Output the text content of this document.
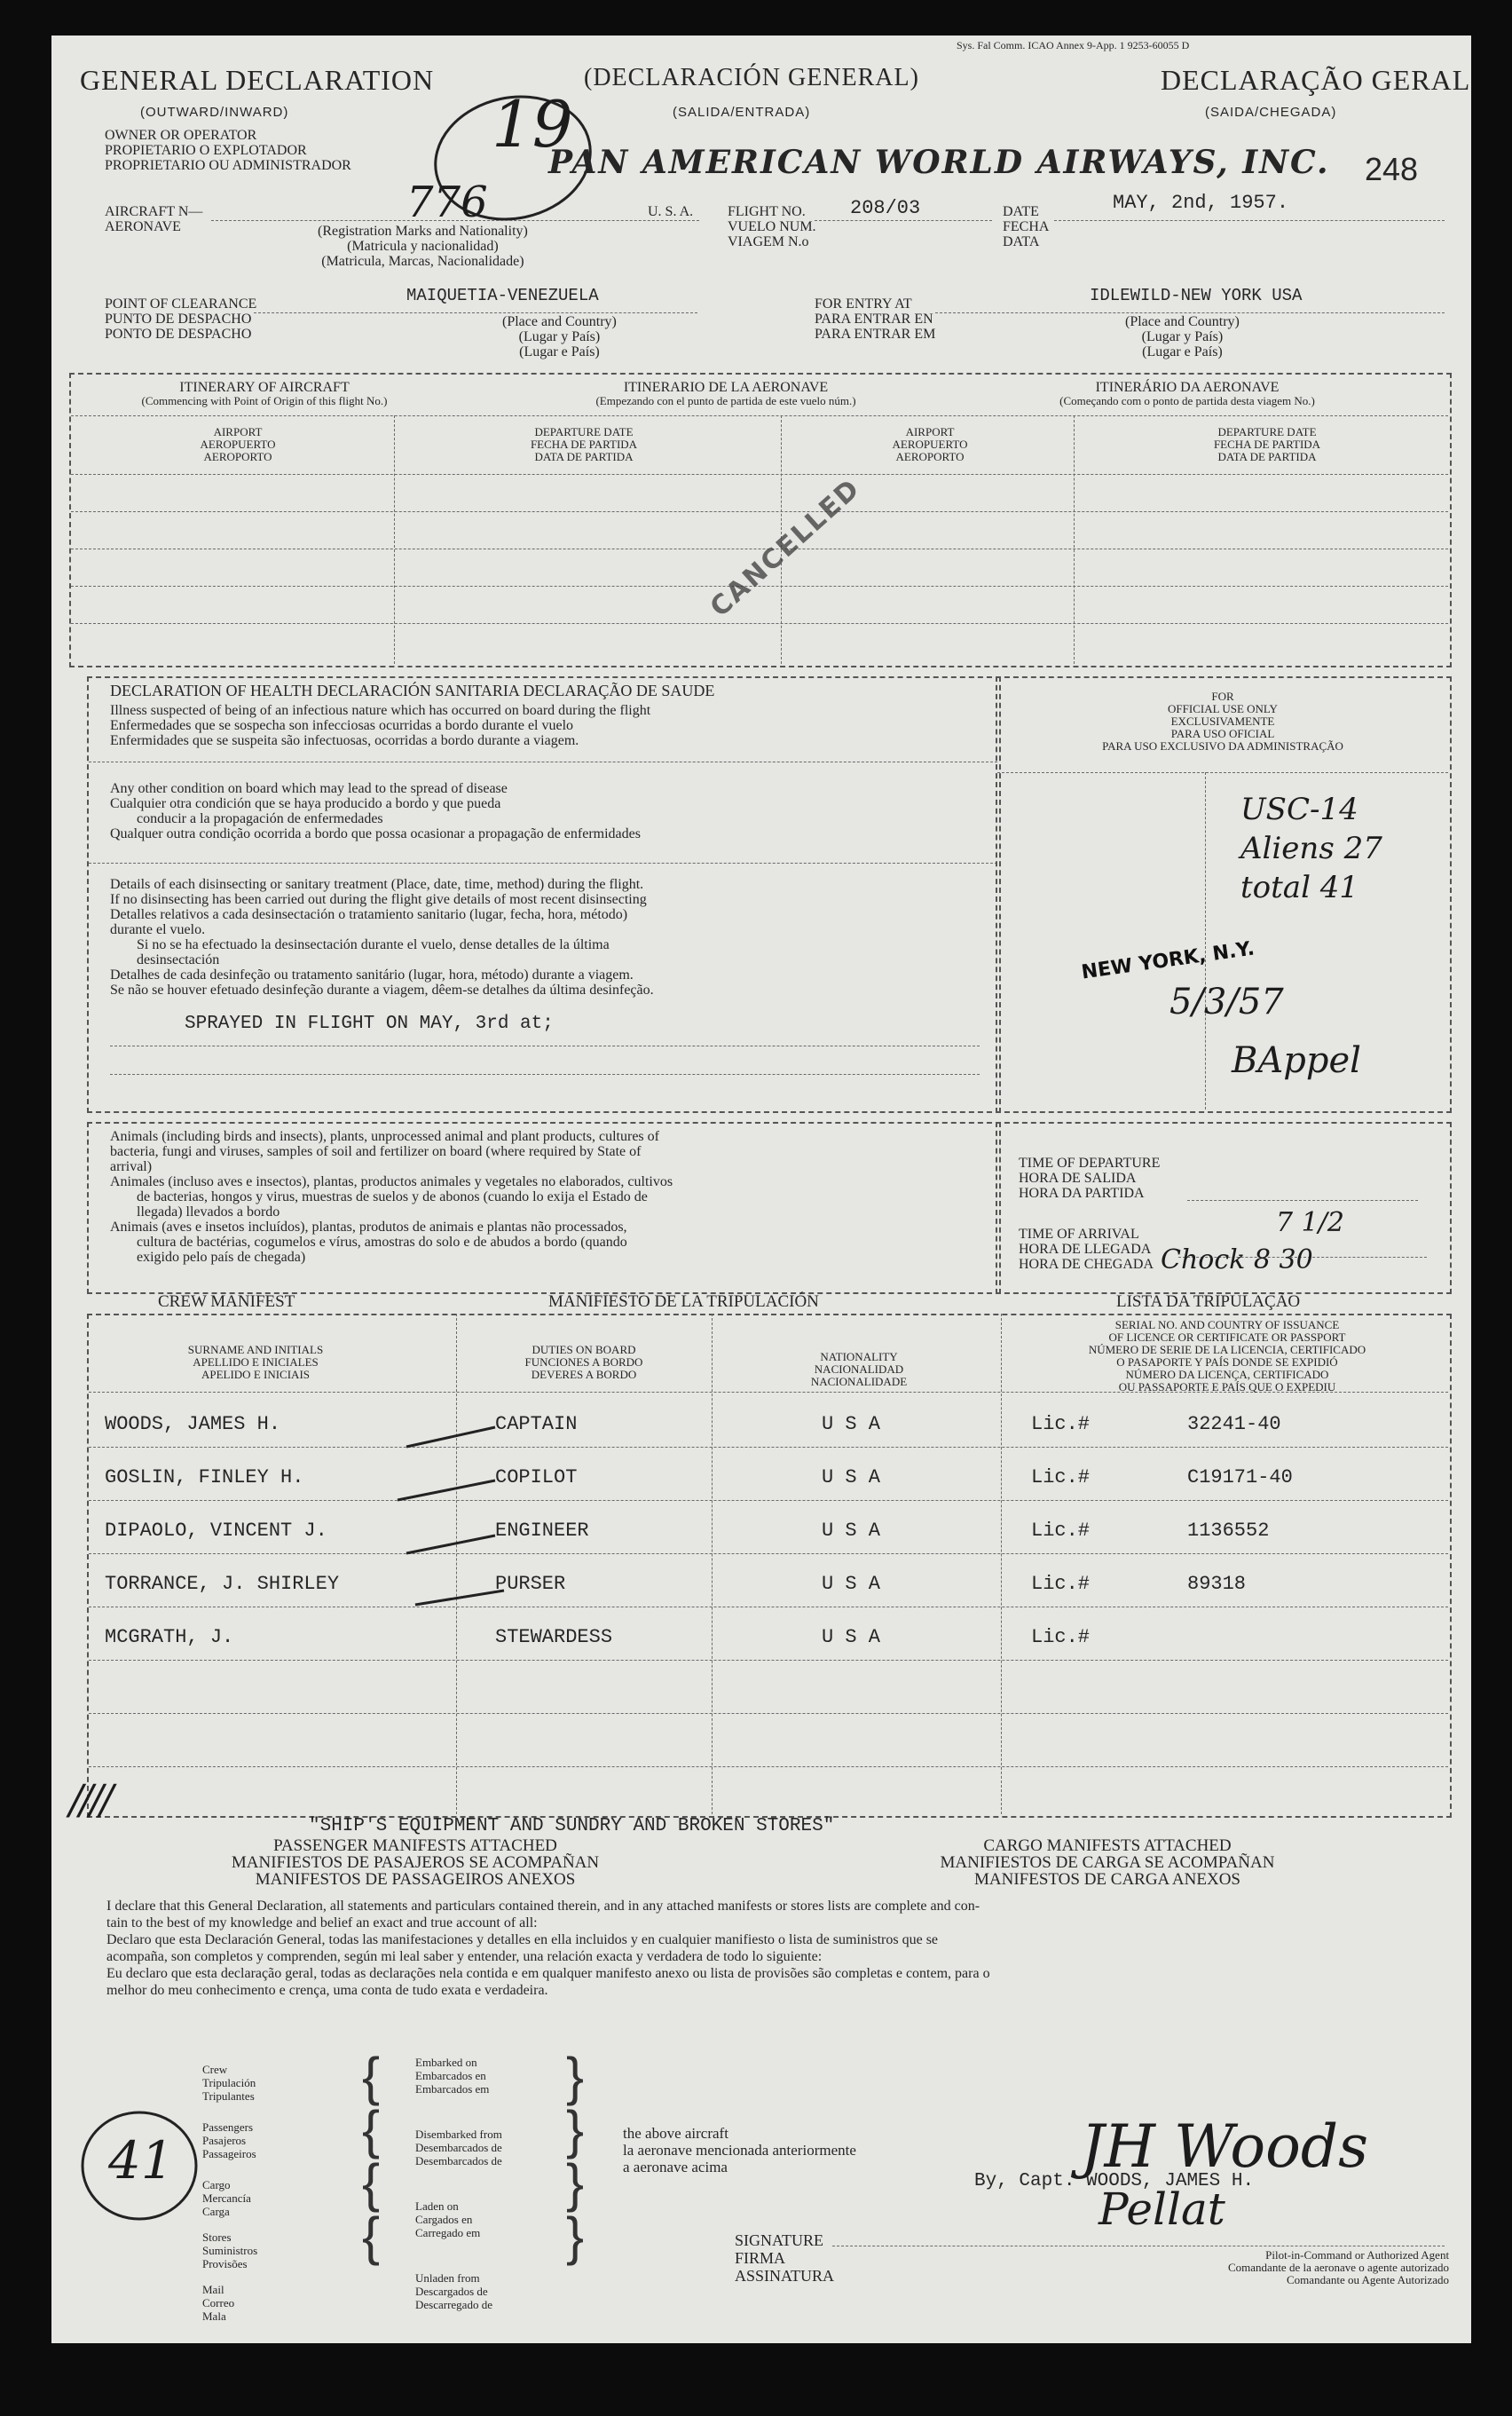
Sys. Fal Comm. ICAO Annex 9-App. 1 9253-60055 D
GENERAL DECLARATION
(OUTWARD/INWARD)
(DECLARACIÓN GENERAL)
(SALIDA/ENTRADA)
DECLARAÇÃO GERAL
(SAIDA/CHEGADA)
19
OWNER OR OPERATOR
PROPIETARIO O EXPLOTADOR
PROPRIETARIO OU ADMINISTRADOR	PAN AMERICAN WORLD AIRWAYS, INC. 248
AIRCRAFT N—
AERONAVE	776
(Registration Marks and Nationality)
(Matricula y nacionalidad)
(Matricula, Marcas, Nacionalidade)
U. S. A. FLIGHT NO.
VUELO NUM.
VIAGEM N.o
208/03	DATE
FECHA
DATA
MAY, 2nd, 1957.
POINT OF CLEARANCE
PUNTO DE DESPACHO
PONTO DE DESPACHO
MAIQUETIA-VENEZUELA
(Place and Country)
(Lugar y País)
(Lugar e País)
FOR ENTRY AT
PARA ENTRAR EN
PARA ENTRAR EM
IDLEWILD-NEW YORK USA
(Place and Country)
(Lugar y País)
(Lugar e País)
ITINERARY OF AIRCRAFT
(Commencing with Point of Origin of this flight No.)
ITINERARIO DE LA AERONAVE
(Empezando con el punto de partida de este vuelo núm.)
ITINERÁRIO DA AERONAVE
(Começando com o ponto de partida desta viagem No.)
AIRPORT
AEROPUERTO
AEROPORTO
DEPARTURE DATE
FECHA DE PARTIDA
DATA DE PARTIDA
AIRPORT
AEROPUERTO
AEROPORTO
DEPARTURE DATE
FECHA DE PARTIDA
DATA DE PARTIDA
CANCELLED
DECLARATION OF HEALTH DECLARACIÓN SANITARIA DECLARAÇÃO DE SAUDE
Illness suspected of being of an infectious nature which has occurred on board during the flight
Enfermedades que se sospecha son infecciosas ocurridas a bordo durante el vuelo
Enfermidades que se suspeita são infectuosas, ocorridas a bordo durante a viagem.
Any other condition on board which may lead to the spread of disease
Cualquier otra condición que se haya producido a bordo y que pueda
conducir a la propagación de enfermedades
Qualquer outra condição ocorrida a bordo que possa ocasionar a propagação de enfermidades
Details of each disinsecting or sanitary treatment (Place, date, time, method) during the flight.
If no disinsecting has been carried out during the flight give details of most recent disinsecting
Detalles relativos a cada desinsectación o tratamiento sanitario (lugar, fecha, hora, método)
durante el vuelo.
Si no se ha efectuado la desinsectación durante el vuelo, dense detalles de la última
desinsectación
Detalhes de cada desinfeção ou tratamento sanitário (lugar, hora, método) durante a viagem.
Se não se houver efetuado desinfeção durante a viagem, dêem-se detalhes da última desinfeção.
SPRAYED IN FLIGHT ON MAY, 3rd at;
FOR
OFFICIAL USE ONLY
EXCLUSIVAMENTE
PARA USO OFICIAL
PARA USO EXCLUSIVO DA ADMINISTRAÇÃO
USC-14
Aliens 27
total 41
NEW YORK, N.Y.
5/3/57
BAppel
Animals (including birds and insects), plants, unprocessed animal and plant products, cultures of
bacteria, fungi and viruses, samples of soil and fertilizer on board (where required by State of
arrival)
Animales (incluso aves e insectos), plantas, productos animales y vegetales no elaborados, cultivos
de bacterias, hongos y virus, muestras de suelos y de abonos (cuando lo exija el Estado de
llegada) llevados a bordo
Animais (aves e insetos incluídos), plantas, produtos de animais e plantas não processados,
cultura de bactérias, cogumelos e vírus, amostras do solo e de abudos a bordo (quando
exigido pelo país de chegada)
TIME OF DEPARTURE
HORA DE SALIDA
HORA DA PARTIDA
TIME OF ARRIVAL
HORA DE LLEGADA
HORA DE CHEGADA
7 1/2
Chock 8 30
CREW MANIFEST	MANIFIESTO DE LA TRIPULACIÓN	LISTA DA TRIPULAÇÃO
SURNAME AND INITIALS
APELLIDO E INICIALES
APELIDO E INICIAIS
DUTIES ON BOARD
FUNCIONES A BORDO
DEVERES A BORDO
NATIONALITY
NACIONALIDAD
NACIONALIDADE
SERIAL NO. AND COUNTRY OF ISSUANCE
OF LICENCE OR CERTIFICATE OR PASSPORT
NÚMERO DE SERIE DE LA LICENCIA, CERTIFICADO
O PASAPORTE Y PAÍS DONDE SE EXPIDIÓ
NÚMERO DA LICENÇA, CERTIFICADO
OU PASSAPORTE E PAÍS QUE O EXPEDIU
WOODS, JAMES H.	CAPTAIN	U S A	Lic.#	32241-40
GOSLIN, FINLEY H.	COPILOT	U S A	Lic.#	C19171-40
DIPAOLO, VINCENT J.	ENGINEER	U S A	Lic.#	1136552
TORRANCE, J. SHIRLEY	PURSER	U S A	Lic.#	89318
MCGRATH, J.	STEWARDESS	U S A	Lic.#
////
"SHIP'S EQUIPMENT AND SUNDRY AND BROKEN STORES"
PASSENGER MANIFESTS ATTACHED
MANIFIESTOS DE PASAJEROS SE ACOMPAÑAN
MANIFESTOS DE PASSAGEIROS ANEXOS
CARGO MANIFESTS ATTACHED
MANIFIESTOS DE CARGA SE ACOMPAÑAN
MANIFESTOS DE CARGA ANEXOS
I declare that this General Declaration, all statements and particulars contained therein, and in any attached manifests or stores lists are complete and con-
tain to the best of my knowledge and belief an exact and true account of all:
Declaro que esta Declaración General, todas las manifestaciones y detalles en ella incluidos y en cualquier manifiesto o lista de suministros que se
acompaña, son completos y comprenden, según mi leal saber y entender, una relación exacta y verdadera de todo lo siguiente:
Eu declaro que esta declaração geral, todas as declarações nela contida e em qualquer manifesto anexo ou lista de provisões são completas e contem, para o
melhor do meu conhecimento e crença, uma conta de tudo exata e verdadeira.
41
Crew
Tripulación
Tripulantes
Passengers
Pasajeros
Passageiros
Cargo
Mercancía
Carga
Stores
Suministros
Provisões
Mail
Correo
Mala
{
{
{
{
Embarked on
Embarcados en
Embarcados em
Disembarked from
Desembarcados de
Desembarcados de
Laden on
Cargados en
Carregado em
Unladen from
Descargados de
Descarregado de
}
}
}
}
the above aircraft
la aeronave mencionada anteriormente
a aeronave acima
SIGNATURE
FIRMA
ASSINATURA
By, Capt. WOODS, JAMES H.
JH Woods
Pellat
Pilot-in-Command or Authorized Agent
Comandante de la aeronave o agente autorizado
Comandante ou Agente Autorizado
